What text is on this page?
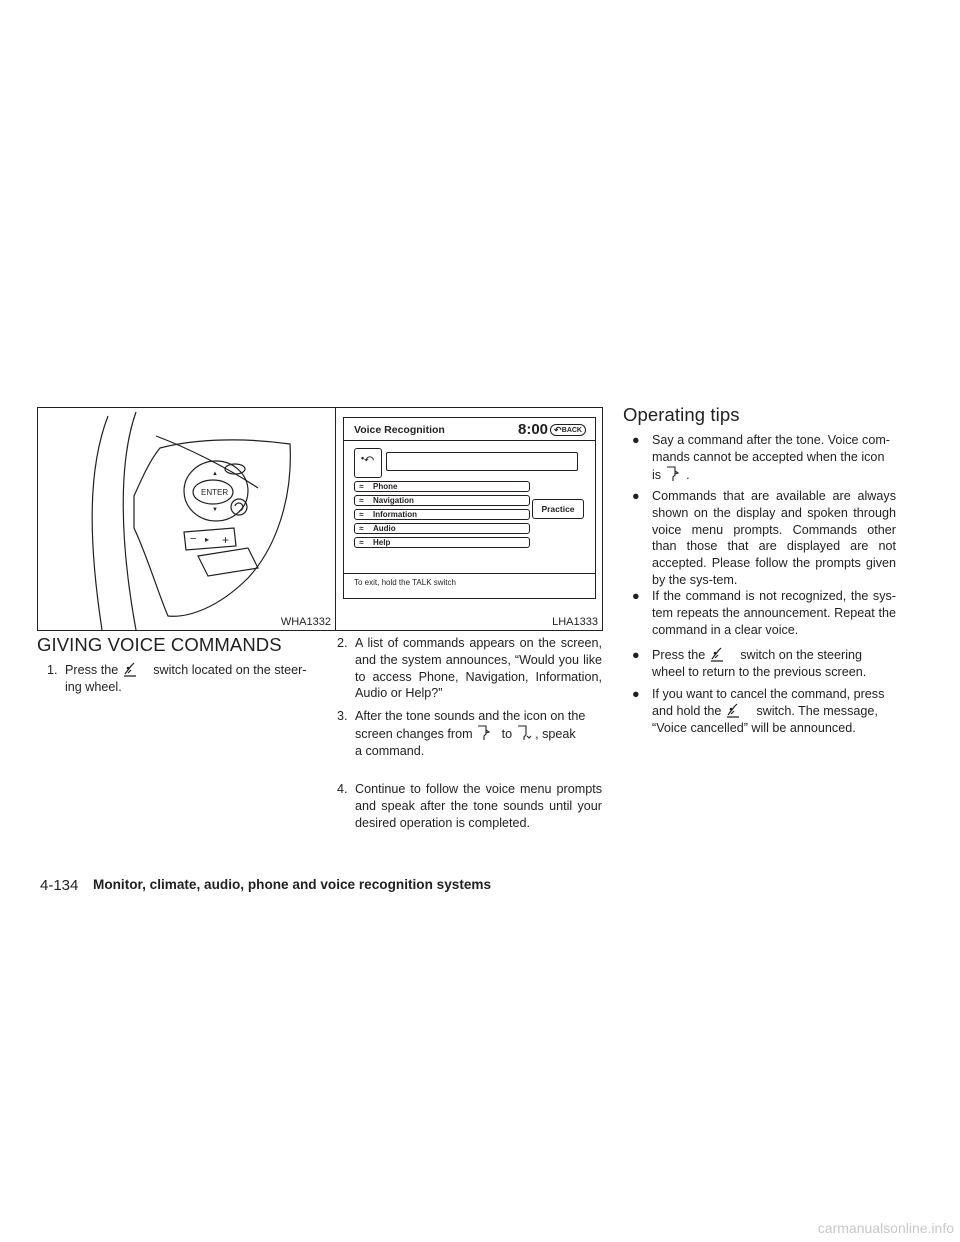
ENTER
− +
▲
▼
▸
WHA1332
Voice Recognition	8:00 ↶ BACK
•⤺
≈ Phone
≈ Navigation
≈ Information
≈ Audio
≈ Help
Practice
To exit, hold the TALK switch
LHA1333
GIVING VOICE COMMANDS
1. Press the	switch located on the steer-
ing wheel.
2. A list of commands appears on the screen, and the system announces, “Would you like to access Phone, Navigation, Information, Audio or Help?”
3. After the tone sounds and the icon on the
screen changes from to , speak
a command.
4. Continue to follow the voice menu prompts and speak after the tone sounds until your desired operation is completed.
Operating tips
● Say a command after the tone. Voice com-
mands cannot be accepted when the icon
is .
● Commands that are available are always shown on the display and spoken through voice menu prompts. Commands other than those that are displayed are not accepted. Please follow the prompts given by the sys-tem.
● If the command is not recognized, the sys-tem repeats the announcement. Repeat the command in a clear voice.
● Press the	switch on the steering
wheel to return to the previous screen.
● If you want to cancel the command, press
and hold the	switch. The message,
“Voice cancelled” will be announced.
4-134 Monitor, climate, audio, phone and voice recognition systems
carmanualsonline.info
